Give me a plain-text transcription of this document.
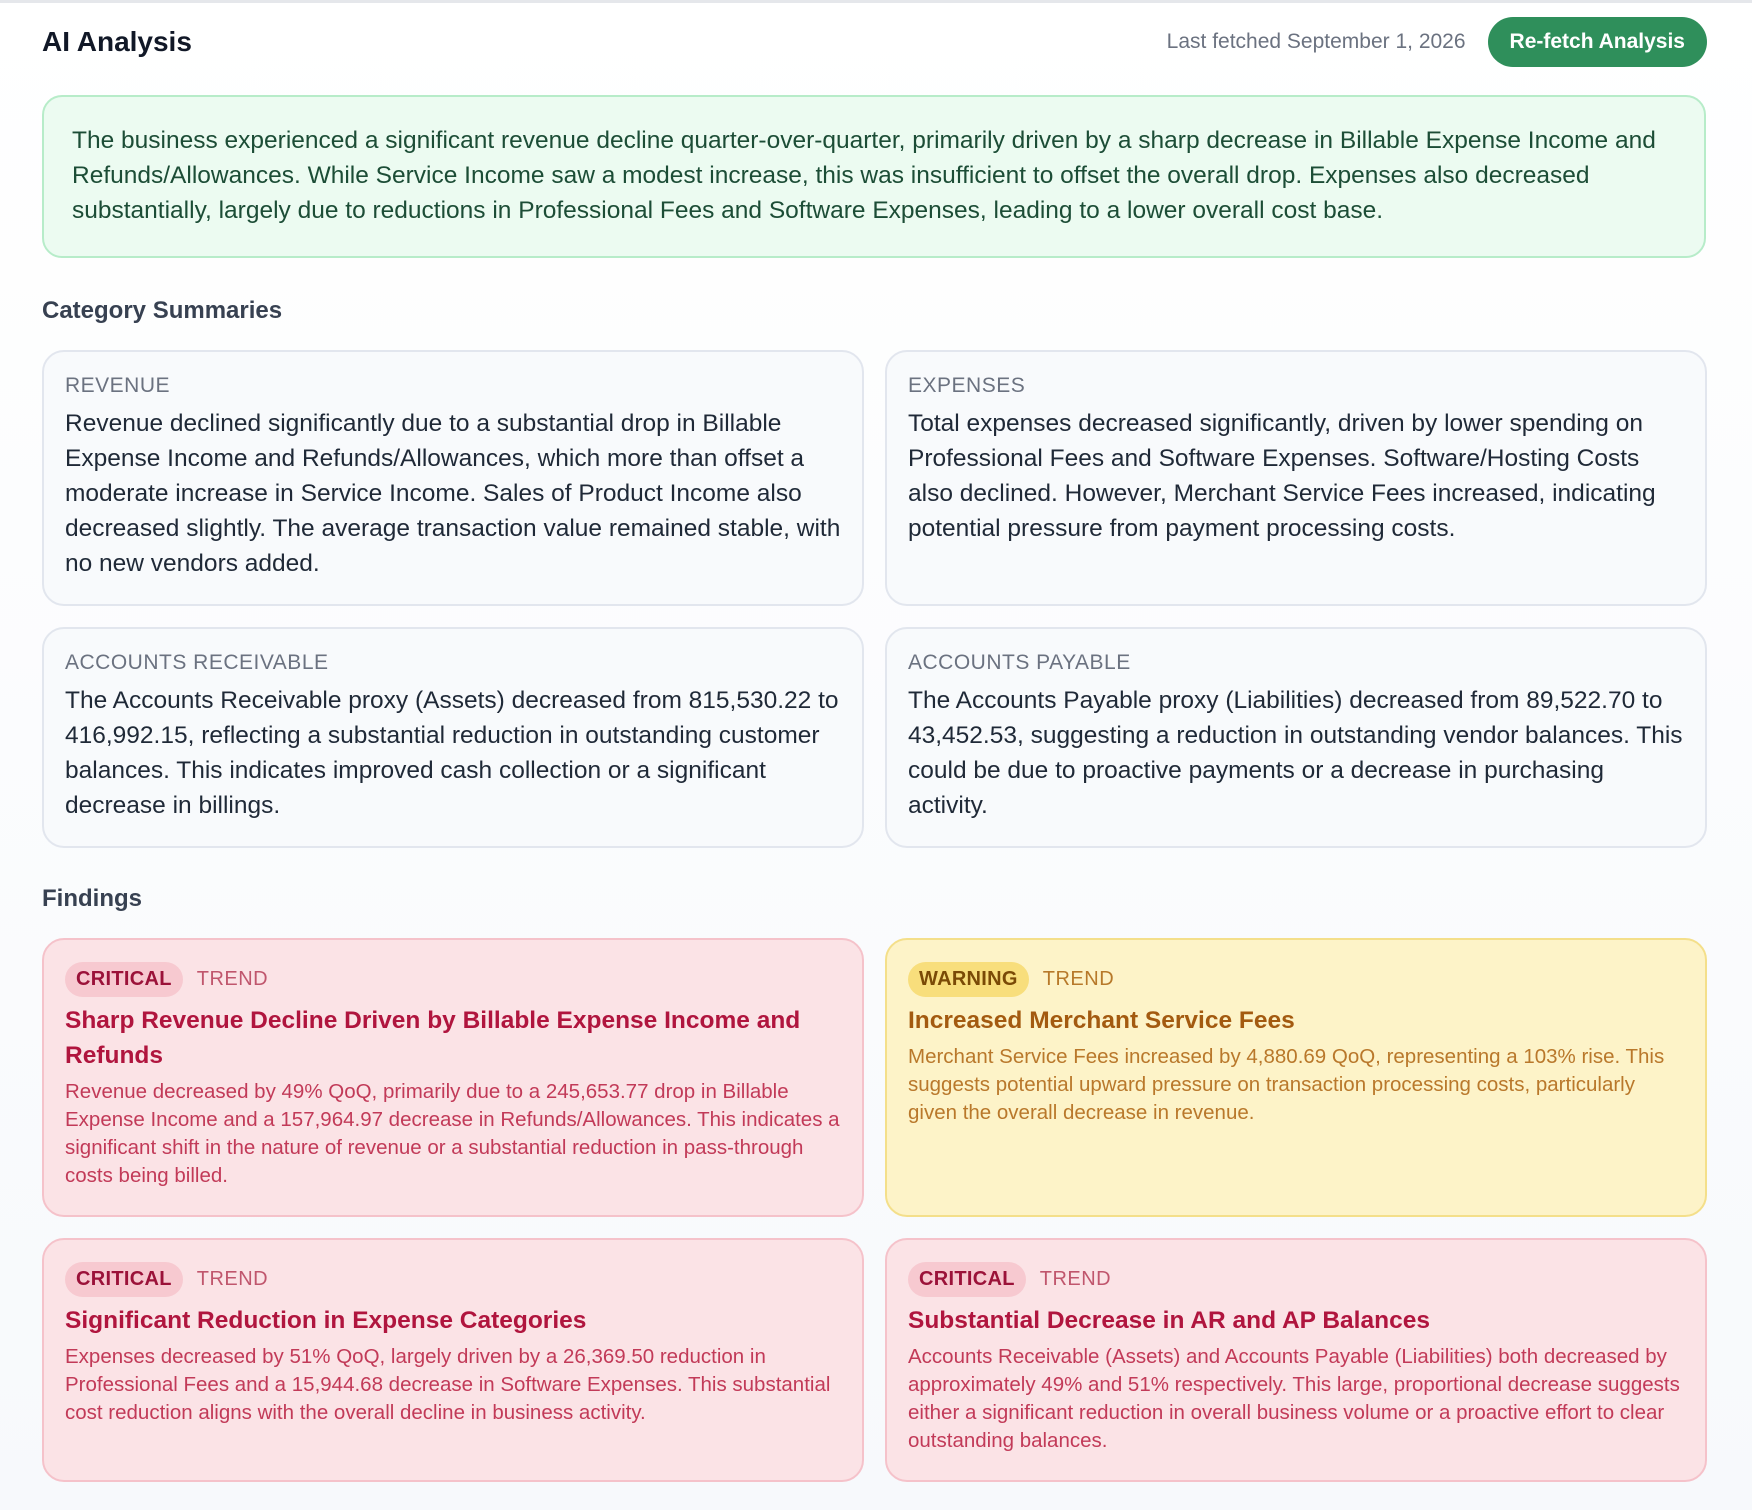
AI Analysis	Last fetched September 1, 2026	Re-fetch Analysis
The business experienced a significant revenue decline quarter-over-quarter, primarily driven by a sharp decrease in Billable Expense Income and Refunds/Allowances. While Service Income saw a modest increase, this was insufficient to offset the overall drop. Expenses also decreased substantially, largely due to reductions in Professional Fees and Software Expenses, leading to a lower overall cost base.
Category Summaries
REVENUE
Revenue declined significantly due to a substantial drop in Billable Expense Income and Refunds/Allowances, which more than offset a moderate increase in Service Income. Sales of Product Income also decreased slightly. The average transaction value remained stable, with no new vendors added.
EXPENSES
Total expenses decreased significantly, driven by lower spending on Professional Fees and Software Expenses. Software/Hosting Costs also declined. However, Merchant Service Fees increased, indicating potential pressure from payment processing costs.
ACCOUNTS RECEIVABLE
The Accounts Receivable proxy (Assets) decreased from 815,530.22 to 416,992.15, reflecting a substantial reduction in outstanding customer balances. This indicates improved cash collection or a significant decrease in billings.
ACCOUNTS PAYABLE
The Accounts Payable proxy (Liabilities) decreased from 89,522.70 to 43,452.53, suggesting a reduction in outstanding vendor balances. This could be due to proactive payments or a decrease in purchasing activity.
Findings
CRITICAL	TREND
Sharp Revenue Decline Driven by Billable Expense Income and Refunds
Revenue decreased by 49% QoQ, primarily due to a 245,653.77 drop in Billable Expense Income and a 157,964.97 decrease in Refunds/Allowances. This indicates a significant shift in the nature of revenue or a substantial reduction in pass-through costs being billed.
WARNING	TREND
Increased Merchant Service Fees
Merchant Service Fees increased by 4,880.69 QoQ, representing a 103% rise. This suggests potential upward pressure on transaction processing costs, particularly given the overall decrease in revenue.
CRITICAL	TREND
Significant Reduction in Expense Categories
Expenses decreased by 51% QoQ, largely driven by a 26,369.50 reduction in Professional Fees and a 15,944.68 decrease in Software Expenses. This substantial cost reduction aligns with the overall decline in business activity.
CRITICAL	TREND
Substantial Decrease in AR and AP Balances
Accounts Receivable (Assets) and Accounts Payable (Liabilities) both decreased by approximately 49% and 51% respectively. This large, proportional decrease suggests either a significant reduction in overall business volume or a proactive effort to clear outstanding balances.
